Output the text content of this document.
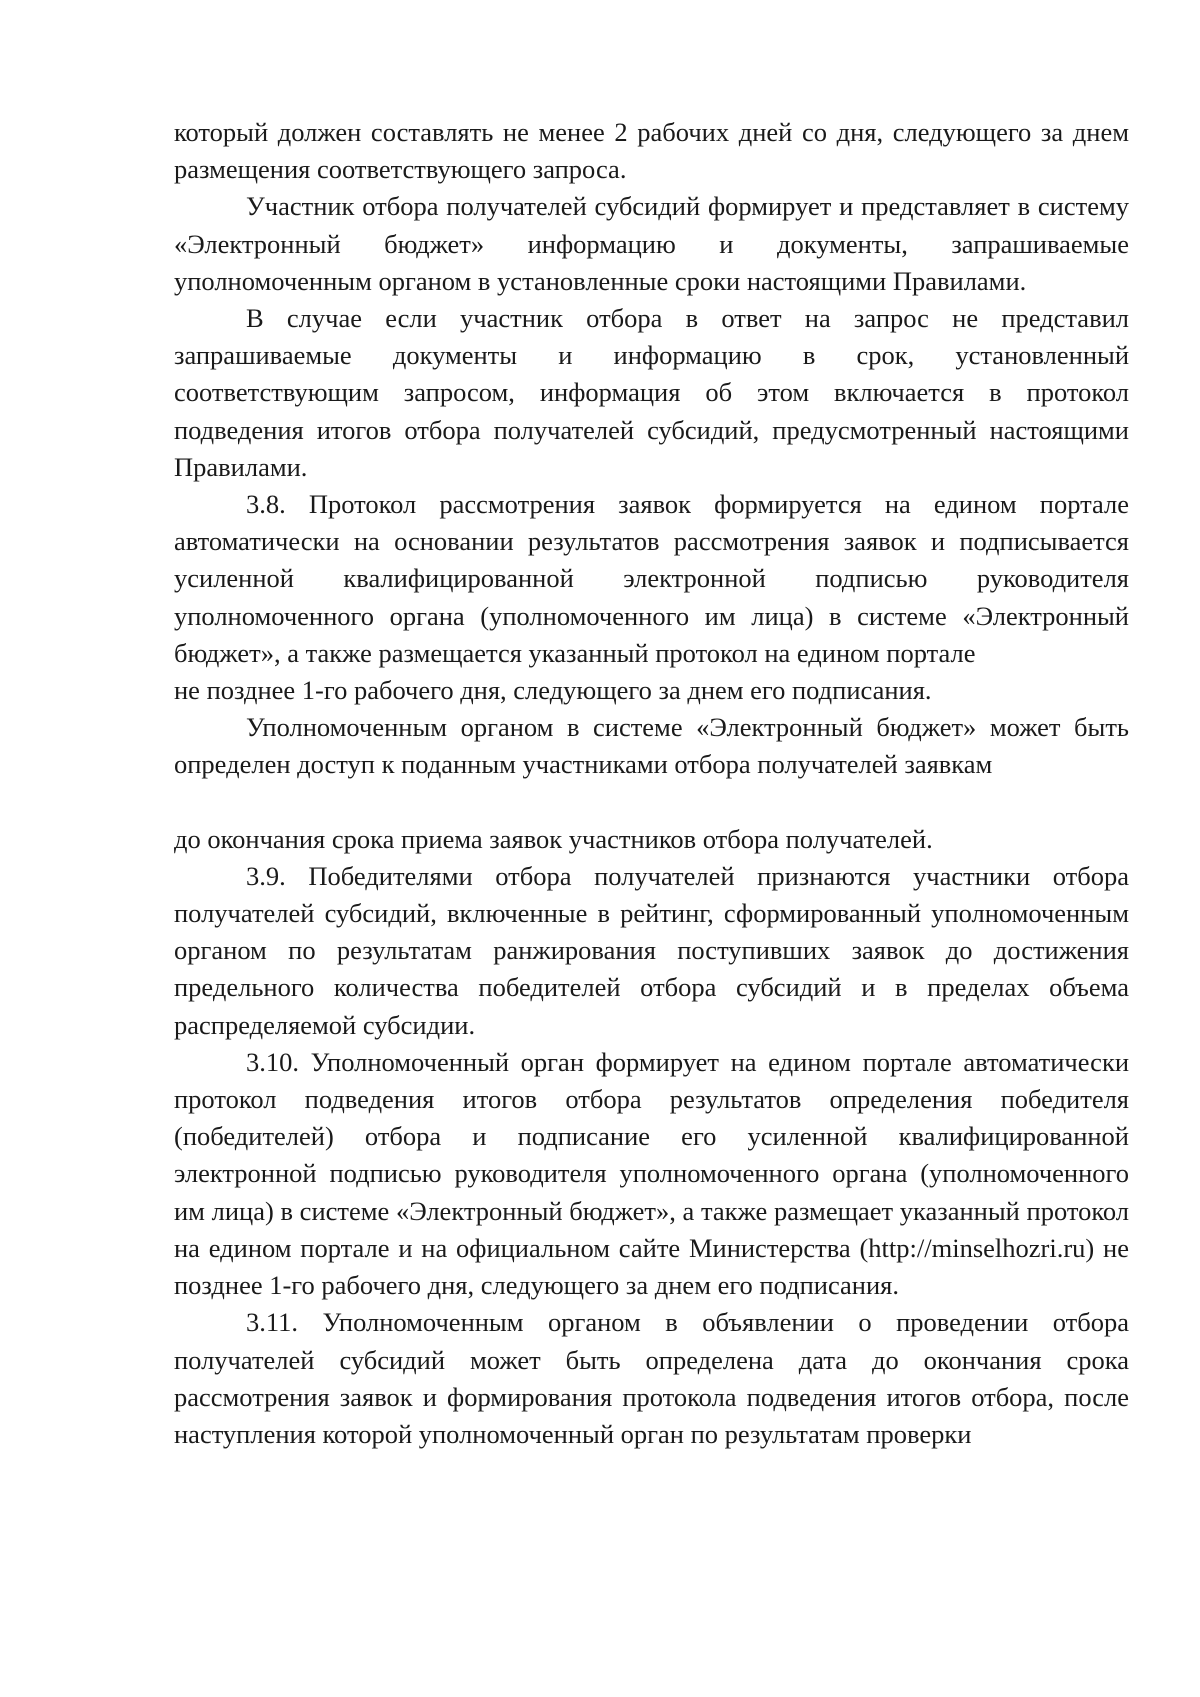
который должен составлять не менее 2 рабочих дней со дня, следующего за днем размещения соответствующего запроса.

Участник отбора получателей субсидий формирует и представляет в систему «Электронный бюджет» информацию и документы, запрашиваемые уполномоченным органом в установленные сроки настоящими Правилами.

В случае если участник отбора в ответ на запрос не представил запрашиваемые документы и информацию в срок, установленный соответствующим запросом, информация об этом включается в протокол подведения итогов отбора получателей субсидий, предусмотренный настоящими Правилами.

3.8. Протокол рассмотрения заявок формируется на едином портале автоматически на основании результатов рассмотрения заявок и подписывается усиленной квалифицированной электронной подписью руководителя уполномоченного органа (уполномоченного им лица) в системе «Электронный бюджет», а также размещается указанный протокол на едином портале

не позднее 1-го рабочего дня, следующего за днем его подписания.

Уполномоченным органом в системе «Электронный бюджет» может быть определен доступ к поданным участниками отбора получателей заявкам

до окончания срока приема заявок участников отбора получателей.

3.9. Победителями отбора получателей признаются участники отбора получателей субсидий, включенные в рейтинг, сформированный уполномоченным органом по результатам ранжирования поступивших заявок до достижения предельного количества победителей отбора субсидий и в пределах объема распределяемой субсидии.

3.10. Уполномоченный орган формирует на едином портале автоматически протокол подведения итогов отбора результатов определения победителя (победителей) отбора и подписание его усиленной квалифицированной электронной подписью руководителя уполномоченного органа (уполномоченного им лица) в системе «Электронный бюджет», а также размещает указанный протокол на едином портале и на официальном сайте Министерства (http://minselhozri.ru) не позднее 1-го рабочего дня, следующего за днем его подписания.

3.11. Уполномоченным органом в объявлении о проведении отбора получателей субсидий может быть определена дата до окончания срока рассмотрения заявок и формирования протокола подведения итогов отбора, после наступления которой уполномоченный орган по результатам проверки
